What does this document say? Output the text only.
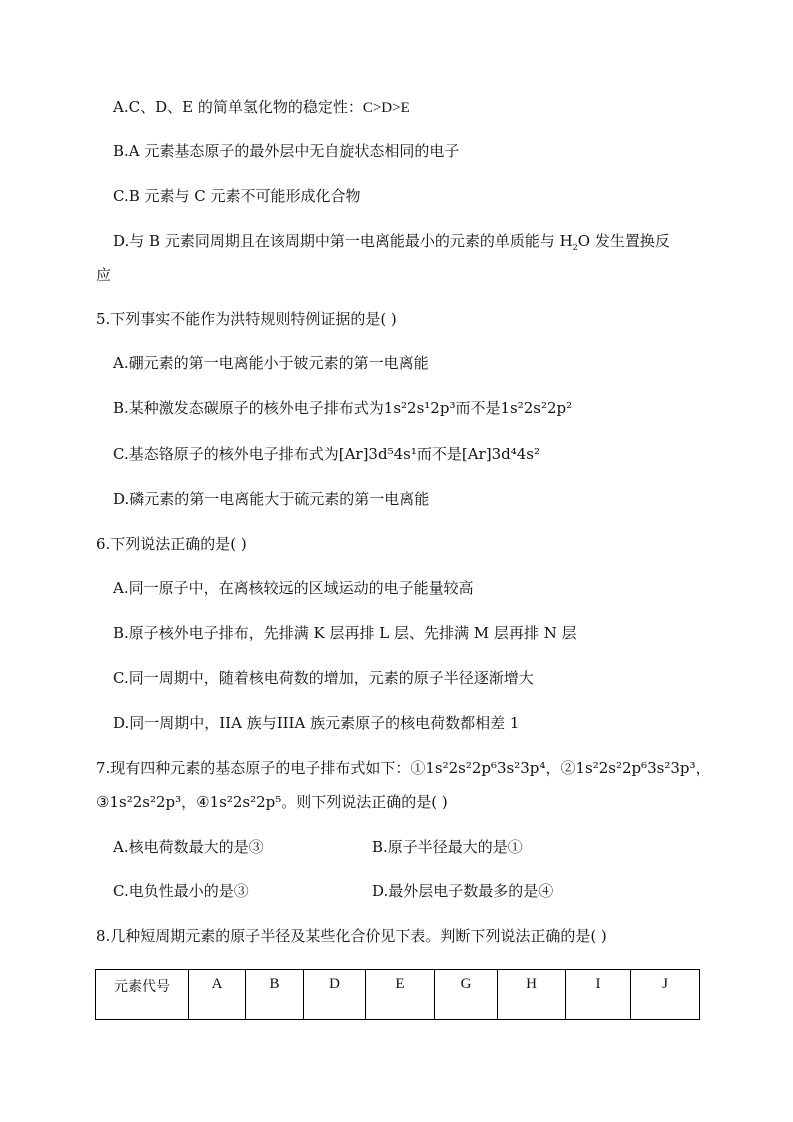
A.C、D、E 的简单氢化物的稳定性：C>D>E
B.A 元素基态原子的最外层中无自旋状态相同的电子
C.B 元素与 C 元素不可能形成化合物
D.与 B 元素同周期且在该周期中第一电离能最小的元素的单质能与 $H_2O$ 发生置换反
应
5.下列事实不能作为洪特规则特例证据的是( )
A.硼元素的第一电离能小于铍元素的第一电离能
B.某种激发态碳原子的核外电子排布式为1s²2s¹2p³而不是1s²2s²2p²
C.基态铬原子的核外电子排布式为[Ar]3d⁵4s¹而不是[Ar]3d⁴4s²
D.磷元素的第一电离能大于硫元素的第一电离能
6.下列说法正确的是( )
A.同一原子中，在离核较远的区域运动的电子能量较高
B.原子核外电子排布，先排满 K 层再排 L 层、先排满 M 层再排 N 层
C.同一周期中，随着核电荷数的增加，元素的原子半径逐渐增大
D.同一周期中，IIA 族与IIIA 族元素原子的核电荷数都相差 1
7.现有四种元素的基态原子的电子排布式如下：①1s²2s²2p⁶3s²3p⁴，②1s²2s²2p⁶3s²3p³，
③1s²2s²2p³，④1s²2s²2p⁵。则下列说法正确的是( )
A.核电荷数最大的是③	B.原子半径最大的是①
C.电负性最小的是③	D.最外层电子数最多的是④
8.几种短周期元素的原子半径及某些化合价见下表。判断下列说法正确的是( )
元素代号	A	B	D	E	G	H	I	J
